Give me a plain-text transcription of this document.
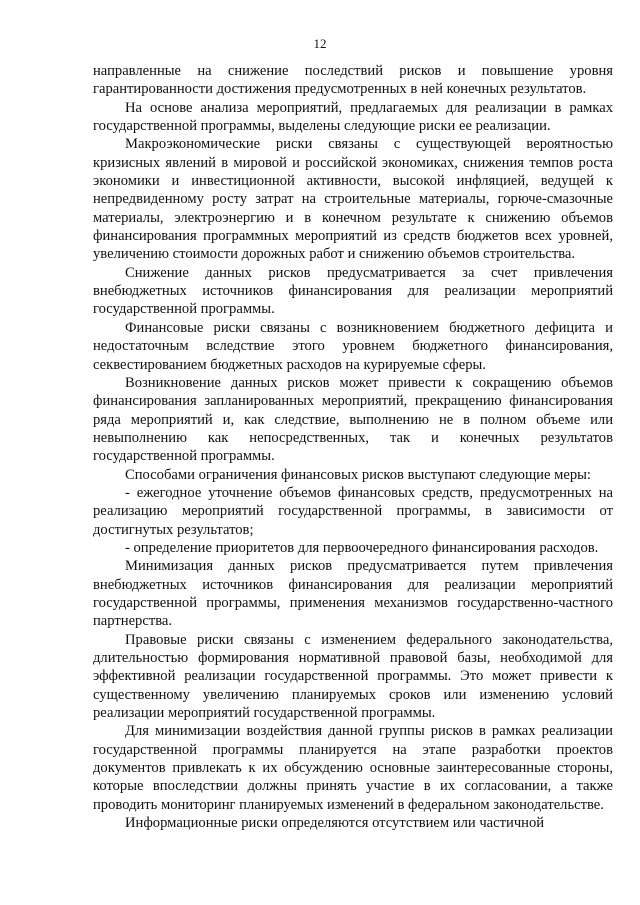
12

направленные на снижение последствий рисков и повышение уровня гарантированности достижения предусмотренных в ней конечных результатов.

На основе анализа мероприятий, предлагаемых для реализации в рамках государственной программы, выделены следующие риски ее реализации.

Макроэкономические риски связаны с существующей вероятностью кризисных явлений в мировой и российской экономиках, снижения темпов роста экономики и инвестиционной активности, высокой инфляцией, ведущей к непредвиденному росту затрат на строительные материалы, горюче-смазочные материалы, электроэнергию и в конечном результате к снижению объемов финансирования программных мероприятий из средств бюджетов всех уровней, увеличению стоимости дорожных работ и снижению объемов строительства.

Снижение данных рисков предусматривается за счет привлечения внебюджетных источников финансирования для реализации мероприятий государственной программы.

Финансовые риски связаны с возникновением бюджетного дефицита и недостаточным вследствие этого уровнем бюджетного финансирования, секвестированием бюджетных расходов на курируемые сферы.

Возникновение данных рисков может привести к сокращению объемов финансирования запланированных мероприятий, прекращению финансирования ряда мероприятий и, как следствие, выполнению не в полном объеме или невыполнению как непосредственных, так и конечных результатов государственной программы.

Способами ограничения финансовых рисков выступают следующие меры:

- ежегодное уточнение объемов финансовых средств, предусмотренных на реализацию мероприятий государственной программы, в зависимости от достигнутых результатов;

- определение приоритетов для первоочередного финансирования расходов.

Минимизация данных рисков предусматривается путем привлечения внебюджетных источников финансирования для реализации мероприятий государственной программы, применения механизмов государственно-частного партнерства.

Правовые риски связаны с изменением федерального законодательства, длительностью формирования нормативной правовой базы, необходимой для эффективной реализации государственной программы. Это может привести к существенному увеличению планируемых сроков или изменению условий реализации мероприятий государственной программы.

Для минимизации воздействия данной группы рисков в рамках реализации государственной программы планируется на этапе разработки проектов документов привлекать к их обсуждению основные заинтересованные стороны, которые впоследствии должны принять участие в их согласовании, а также проводить мониторинг планируемых изменений в федеральном законодательстве.

Информационные риски определяются отсутствием или частичной
